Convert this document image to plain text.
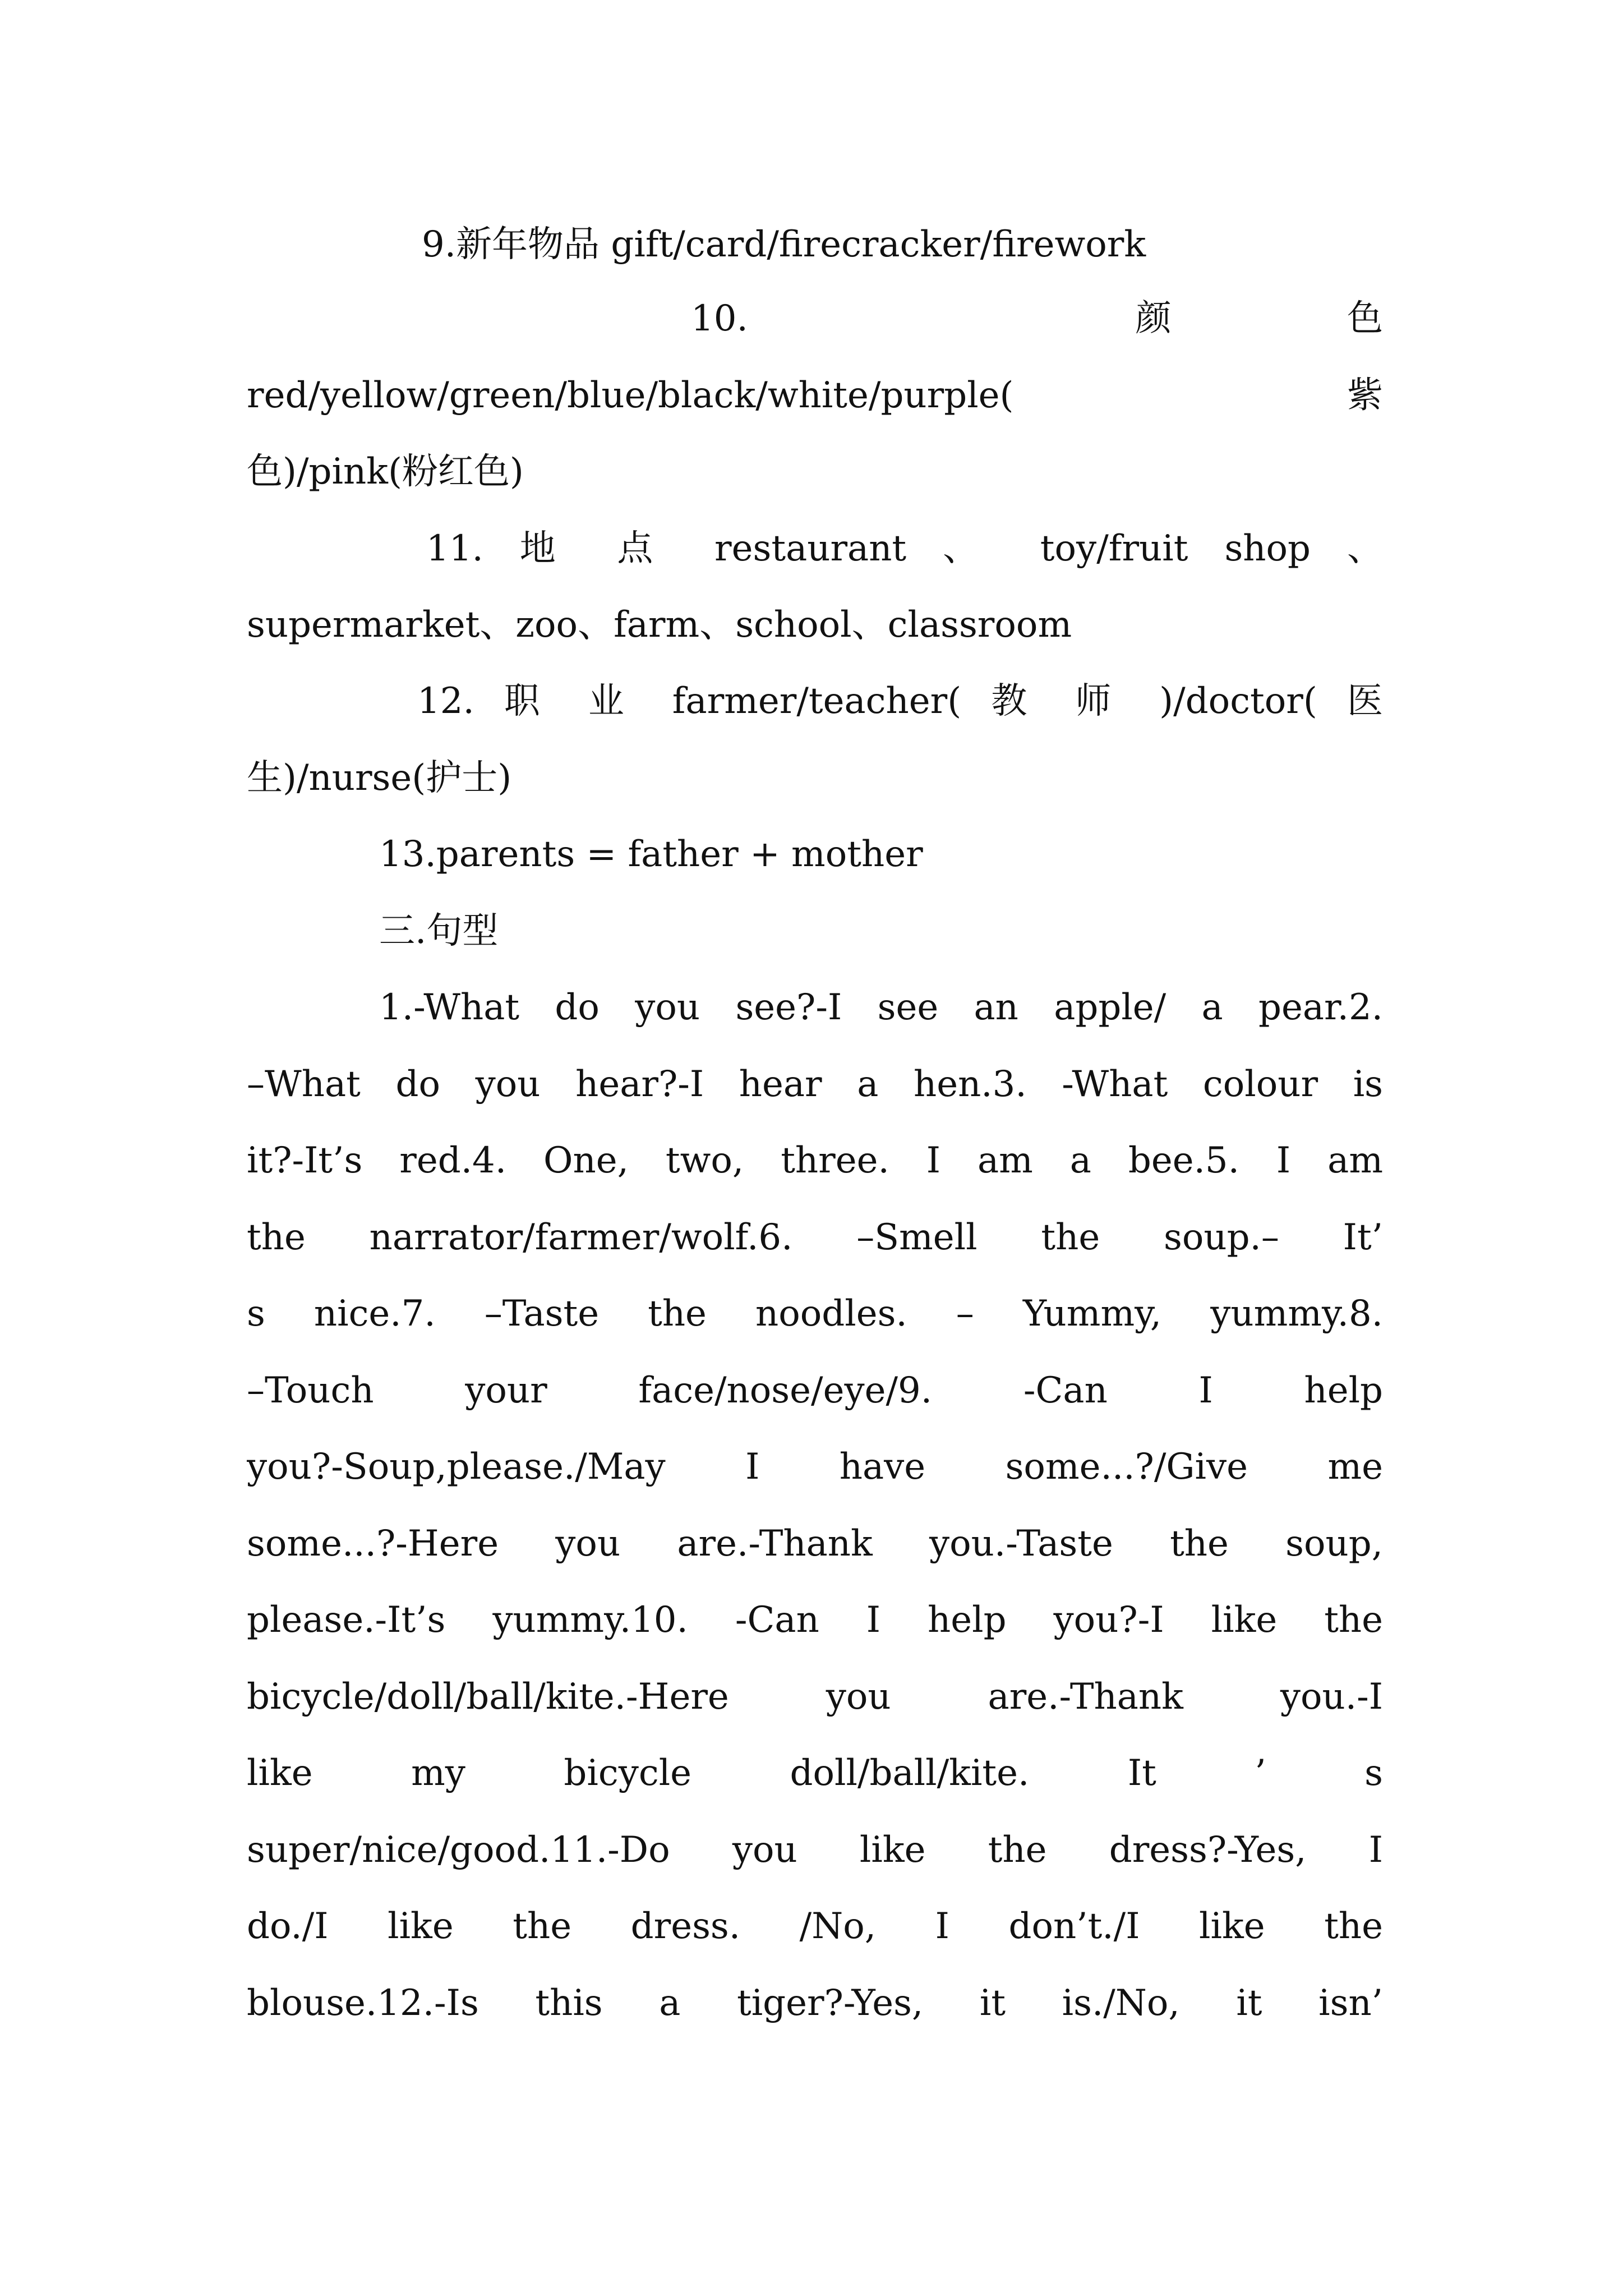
9.新年物品 gift/card/firecracker/firework
10.　　　　　　　颜　　　色
red/yellow/green/blue/black/white/purple(　　　　　紫
色)/pink(粉红色)
11. 地 点 restaurant 、 toy/fruit shop 、
supermarket、zoo、farm、school、classroom
12. 职 业 farmer/teacher( 教 师 )/doctor( 医
生)/nurse(护士)
13.parents = father + mother
三.句型
1.-What do you see?-I see an apple/ a pear.2.
–What do you hear?-I hear a hen.3. -What colour is
it?-It’s red.4. One, two, three. I am a bee.5. I am
the narrator/farmer/wolf.6. –Smell the soup.– It’
s nice.7. –Taste the noodles. – Yummy, yummy.8.
–Touch your face/nose/eye/9. -Can I help
you?-Soup,please./May I have some...?/Give me
some...?-Here you are.-Thank you.-Taste the soup,
please.-It’s yummy.10. -Can I help you?-I like the
bicycle/doll/ball/kite.-Here you are.-Thank you.-I
like my bicycle doll/ball/kite. It ’ s
super/nice/good.11.-Do you like the dress?-Yes, I
do./I like the dress. /No, I don’t./I like the
blouse.12.-Is this a tiger?-Yes, it is./No, it isn’
